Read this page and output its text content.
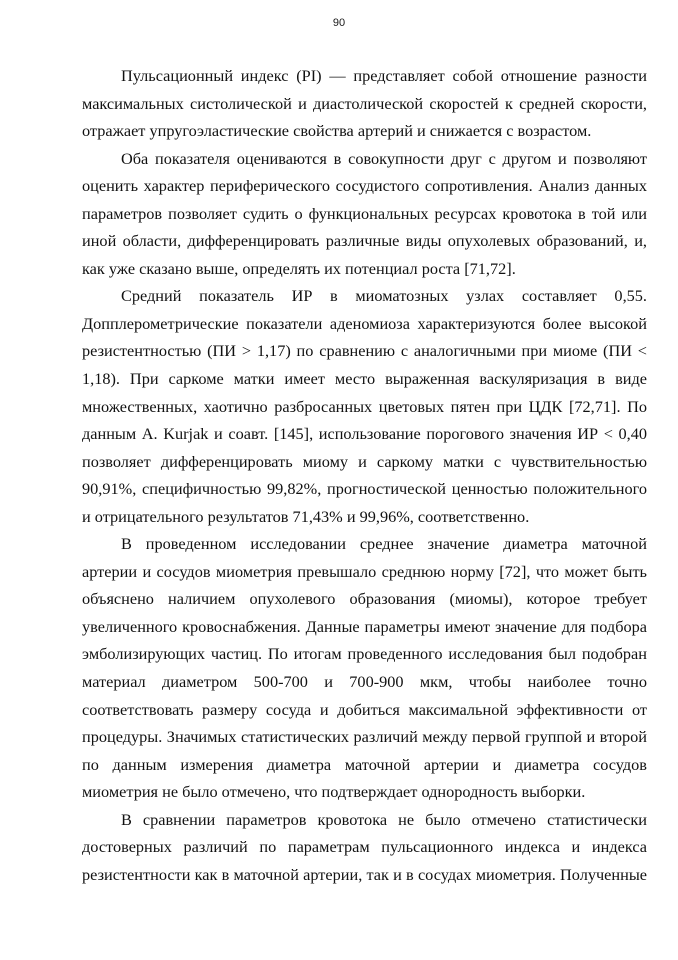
90

Пульсационный индекс (PI) — представляет собой отношение разности максимальных систолической и диастолической скоростей к средней скорости, отражает упругоэластические свойства артерий и снижается с возрастом.

Оба показателя оцениваются в совокупности друг с другом и позволяют оценить характер периферического сосудистого сопротивления. Анализ данных параметров позволяет судить о функциональных ресурсах кровотока в той или иной области, дифференцировать различные виды опухолевых образований, и, как уже сказано выше, определять их потенциал роста [71,72].

Средний показатель ИР в миоматозных узлах составляет 0,55. Допплерометрические показатели аденомиоза характеризуются более высокой резистентностью (ПИ > 1,17) по сравнению с аналогичными при миоме (ПИ < 1,18). При саркоме матки имеет место выраженная васкуляризация в виде множественных, хаотично разбросанных цветовых пятен при ЦДК [72,71]. По данным A. Kurjak и соавт. [145], использование порогового значения ИР < 0,40 позволяет дифференцировать миому и саркому матки с чувствительностью 90,91%, специфичностью 99,82%, прогностической ценностью положительного и отрицательного результатов 71,43% и 99,96%, соответственно.

В проведенном исследовании среднее значение диаметра маточной артерии и сосудов миометрия превышало среднюю норму [72], что может быть объяснено наличием опухолевого образования (миомы), которое требует увеличенного кровоснабжения. Данные параметры имеют значение для подбора эмболизирующих частиц. По итогам проведенного исследования был подобран материал диаметром 500-700 и 700-900 мкм, чтобы наиболее точно соответствовать размеру сосуда и добиться максимальной эффективности от процедуры. Значимых статистических различий между первой группой и второй по данным измерения диаметра маточной артерии и диаметра сосудов миометрия не было отмечено, что подтверждает однородность выборки.

В сравнении параметров кровотока не было отмечено статистически достоверных различий по параметрам пульсационного индекса и индекса резистентности как в маточной артерии, так и в сосудах миометрия. Полученные
